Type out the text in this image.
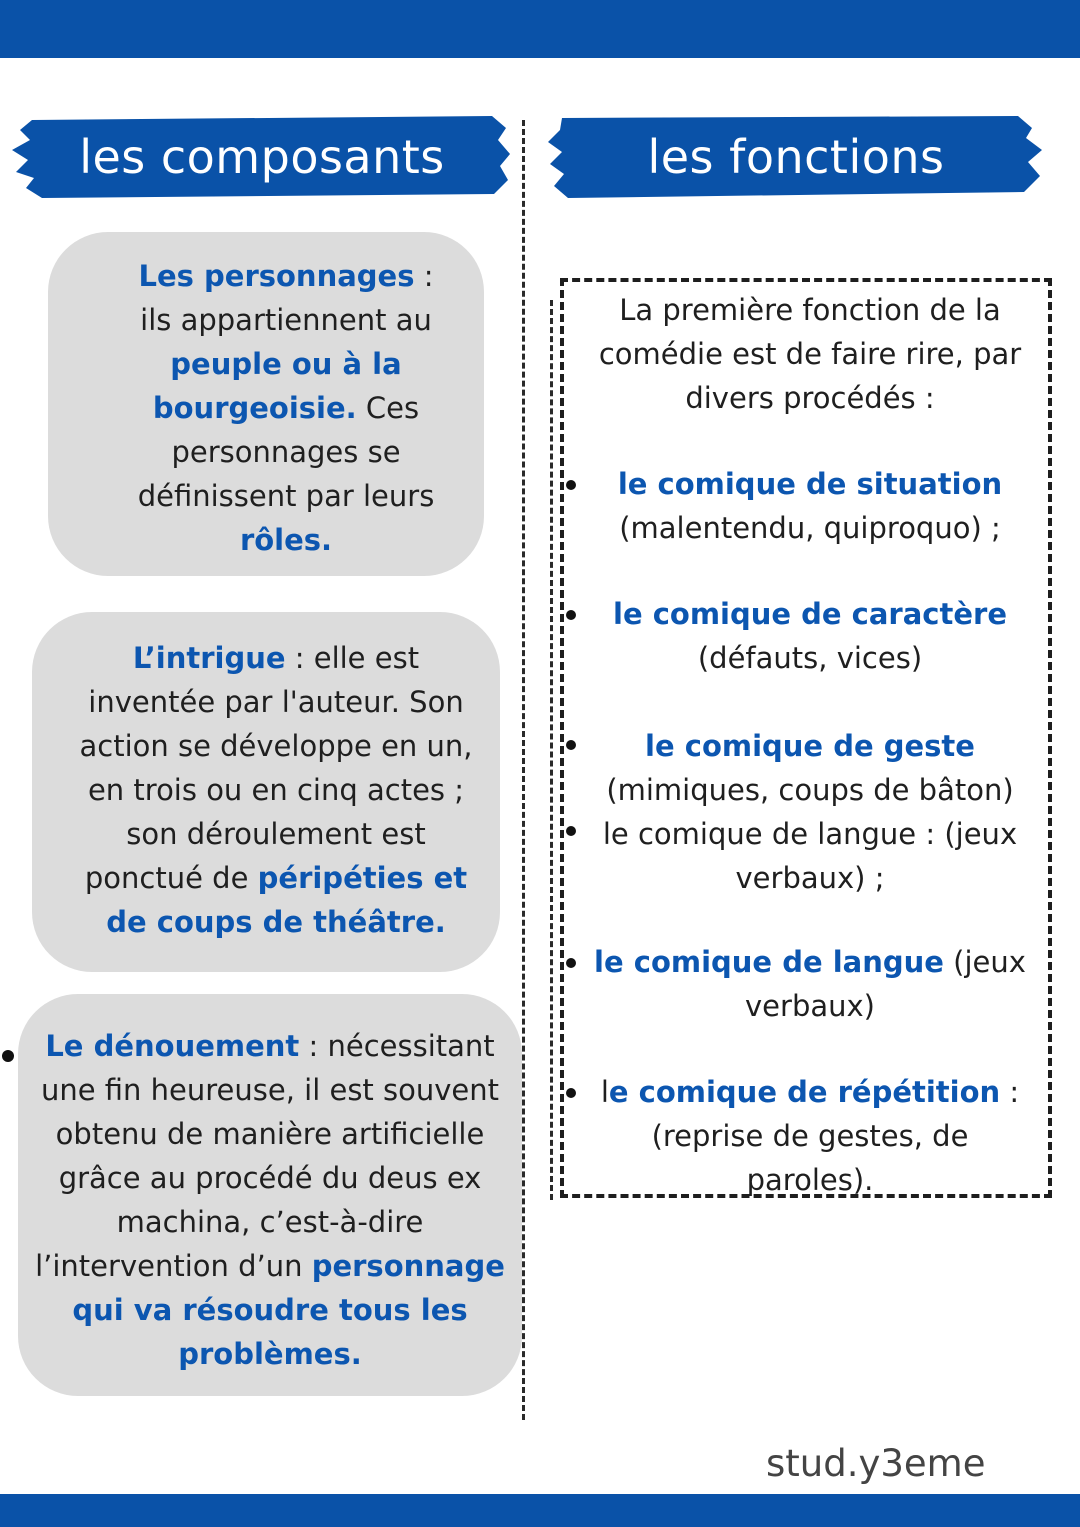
les composants	les fonctions

Les personnages :
ils appartiennent au peuple ou à la bourgeoisie. Ces personnages se définissent par leurs rôles.

L’intrigue : elle est inventée par l'auteur. Son action se développe en un, en trois ou en cinq actes ; son déroulement est ponctué de péripéties et de coups de théâtre.

Le dénouement : nécessitant une fin heureuse, il est souvent obtenu de manière artificielle grâce au procédé du deus ex machina, c’est-à-dire l’intervention d’un personnage qui va résoudre tous les problèmes.

La première fonction de la comédie est de faire rire, par divers procédés :

le comique de situation
(malentendu, quiproquo) ;

le comique de caractère
(défauts, vices)

le comique de geste
(mimiques, coups de bâton)
le comique de langue : (jeux verbaux) ;

le comique de langue (jeux verbaux)

le comique de répétition : (reprise de gestes, de paroles).

stud.y3eme
